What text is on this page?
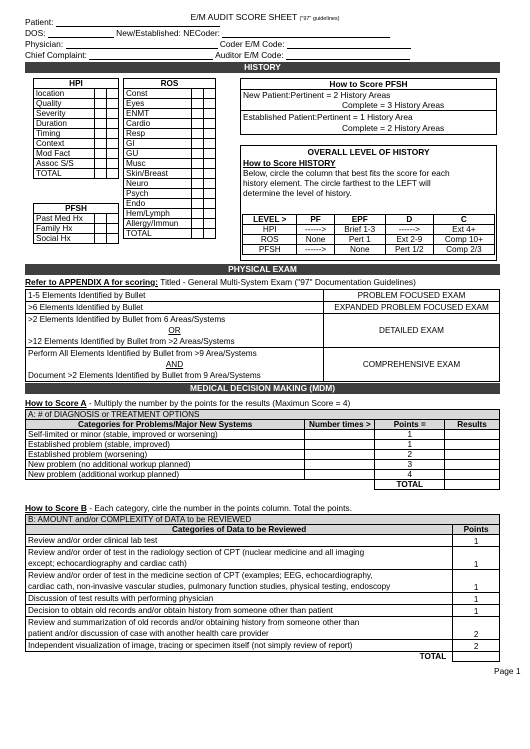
E/M AUDIT SCORE SHEET ("97" guidelines)
Patient:
DOS:	New/Established: NECoder:
Physician:	Coder E/M Code:
Chief Complaint:	Auditor E/M Code:
HISTORY
HPI		
location		
Quality		
Severity		
Duration		
Timing		
Context		
Mod Fact		
Assoc S/S		
TOTAL		
PFSH		
Past Med Hx		
Family Hx		
Social Hx		
ROS		
Const		
Eyes		
ENMT		
Cardio		
Resp		
GI		
GU		
Musc		
Skin/Breast		
Neuro		
Psych		
Endo		
Hem/Lymph		
Allergy/Immun		
TOTAL		
How to Score PFSH
New Patient:Pertinent = 2 History Areas
Complete = 3 History Areas
Established Patient:Pertinent = 1 History Area
Complete = 2 History Areas
OVERALL LEVEL OF HISTORY
How to Score HISTORY
Below, circle the column that best fits the score for each
history element. The circle farthest to the LEFT will
determine the level of history.
LEVEL >	PF	EPF	D	C
HPI	------>	Brief 1-3	------>	Ext 4+
ROS	None	Pert 1	Ext 2-9	Comp 10+
PFSH	------>	None	Pert 1/2	Comp 2/3
PHYSICAL EXAM
Refer to APPENDIX A for scoring: Titled - General Multi-System Exam ("97" Documentation Guidelines)
1-5 Elements Identified by Bullet	PROBLEM FOCUSED EXAM

>6 Elements Identified by Bullet	EXPANDED PROBLEM FOCUSED EXAM

>2 Elements Identified by Bullet from 6 Areas/Systems
OR
>12 Elements Identified by Bullet from >2 Areas/Systems	DETAILED EXAM

Perform All Elements Identified by Bullet from >9 Area/Systems
AND
Document >2 Elements Identified by Bullet from 9 Area/Systems	COMPREHENSIVE EXAM
MEDICAL DECISION MAKING (MDM)
How to Score A - Multiply the number by the points for the results (Maximun Score = 4)
A: # of DIAGNOSIS or TREATMENT OPTIONS			
Categories for Problems/Major New Systems	Number times >	Points =	Results
Self-limited or minor (stable, improved or worsening)		1	
Established problem (stable, improved)		1	
Established problem (worsening)		2	
New problem (no additional workup planned)		3	
New problem (additional workup planned)		4	
		TOTAL	
How to Score B - Each category, cirle the number in the points column. Total the points.
B: AMOUNT and/or COMPLEXITY of DATA to be REVIEWED	
Categories of Data to be Reviewed	Points

Review and/or order clinical lab test	1

Review and/or order of test in the radiology section of CPT (nuclear medicine and all imaging
except; echocardiography and cardiac cath)	1

Review and/or order of test in the medicine section of CPT (examples; EEG, echocardiography,
cardiac cath, non-invasive vascular studies, pulmonary function studies, physical testing, endoscopy	1

Discussion of test results with performing physician	1

Decision to obtain old records and/or obtain history from someone other than patient	1

Review and summarization of old records and/or obtaining history from someone other than
patient and/or discussion of case with another health care provider	2

Independent visualization of image, tracing or specimen itself (not simply review of report)	2
TOTAL	
Page 1
